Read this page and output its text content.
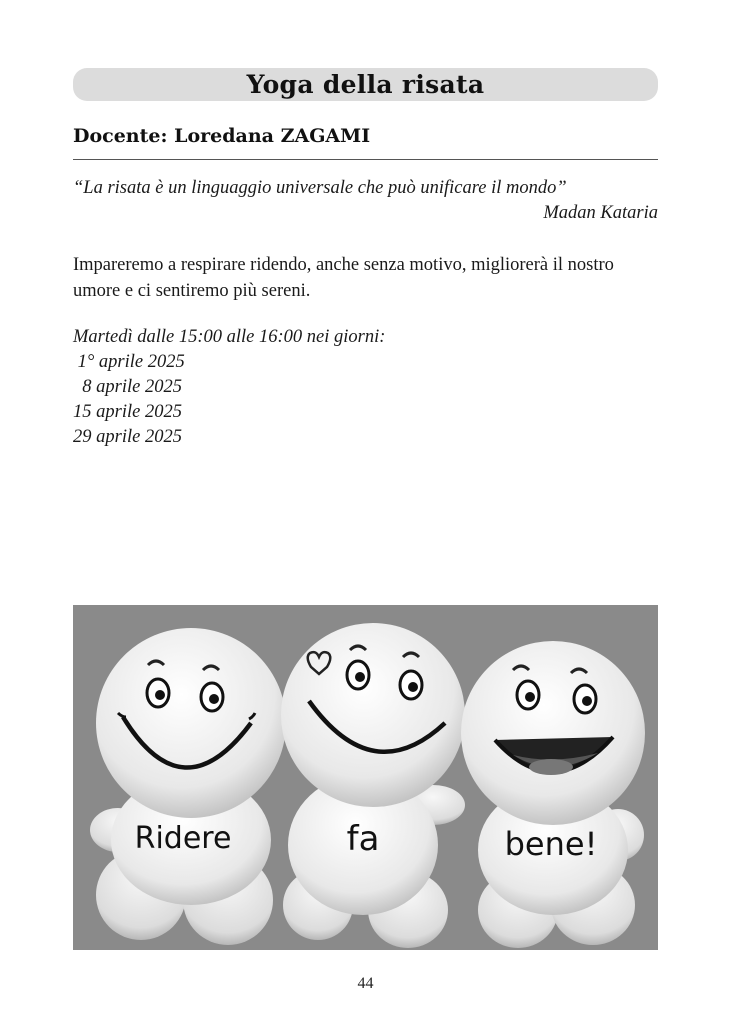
Yoga della risata
Docente: Loredana ZAGAMI
“La risata è un linguaggio universale che può unificare il mondo”
Madan Kataria
Impareremo a respirare ridendo, anche senza motivo, migliorerà il nostro
umore e ci sentiremo più sereni.
Martedì dalle 15:00 alle 16:00 nei giorni:
1° aprile 2025
8 aprile 2025
15 aprile 2025
29 aprile 2025
Ridere	fa	bene!
44
